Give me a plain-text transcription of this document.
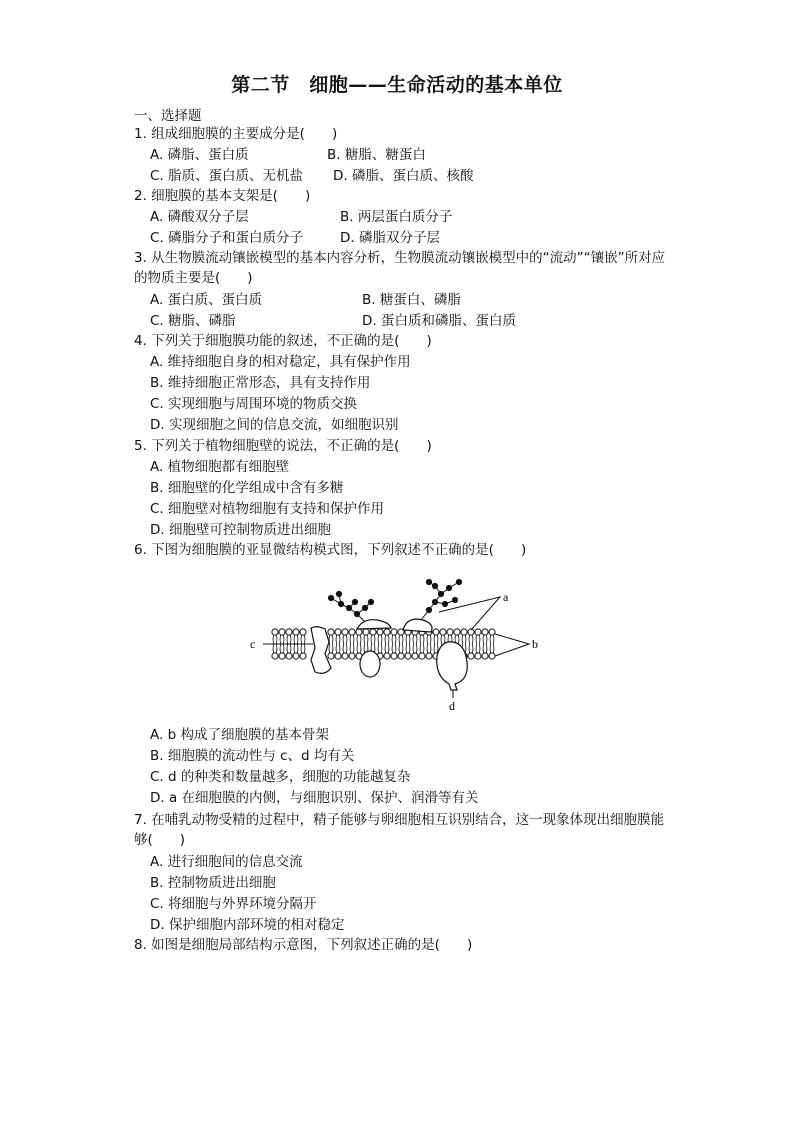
第二节　细胞——生命活动的基本单位
一、选择题
1. 组成细胞膜的主要成分是(　　)
A. 磷脂、蛋白质	B. 糖脂、糖蛋白
C. 脂质、蛋白质、无机盐 D. 磷脂、蛋白质、核酸
2. 细胞膜的基本支架是(　　)
A. 磷酸双分子层	B. 两层蛋白质分子
C. 磷脂分子和蛋白质分子	D. 磷脂双分子层
3. 从生物膜流动镶嵌模型的基本内容分析，生物膜流动镶嵌模型中的“流动”“镶嵌”所对应的物质主要是(　　)
A. 蛋白质、蛋白质	B. 糖蛋白、磷脂
C. 糖脂、磷脂	D. 蛋白质和磷脂、蛋白质
4. 下列关于细胞膜功能的叙述，不正确的是(　　)
A. 维持细胞自身的相对稳定，具有保护作用
B. 维持细胞正常形态，具有支持作用
C. 实现细胞与周围环境的物质交换
D. 实现细胞之间的信息交流，如细胞识别
5. 下列关于植物细胞壁的说法，不正确的是(　　)
A. 植物细胞都有细胞壁
B. 细胞壁的化学组成中含有多糖
C. 细胞壁对植物细胞有支持和保护作用
D. 细胞壁可控制物质进出细胞
6. 下图为细胞膜的亚显微结构模式图，下列叙述不正确的是(　　)
a
b
c
d
A. b 构成了细胞膜的基本骨架
B. 细胞膜的流动性与 c、d 均有关
C. d 的种类和数量越多，细胞的功能越复杂
D. a 在细胞膜的内侧，与细胞识别、保护、润滑等有关
7. 在哺乳动物受精的过程中，精子能够与卵细胞相互识别结合，这一现象体现出细胞膜能够(　　)
A. 进行细胞间的信息交流
B. 控制物质进出细胞
C. 将细胞与外界环境分隔开
D. 保护细胞内部环境的相对稳定
8. 如图是细胞局部结构示意图，下列叙述正确的是(　　)
